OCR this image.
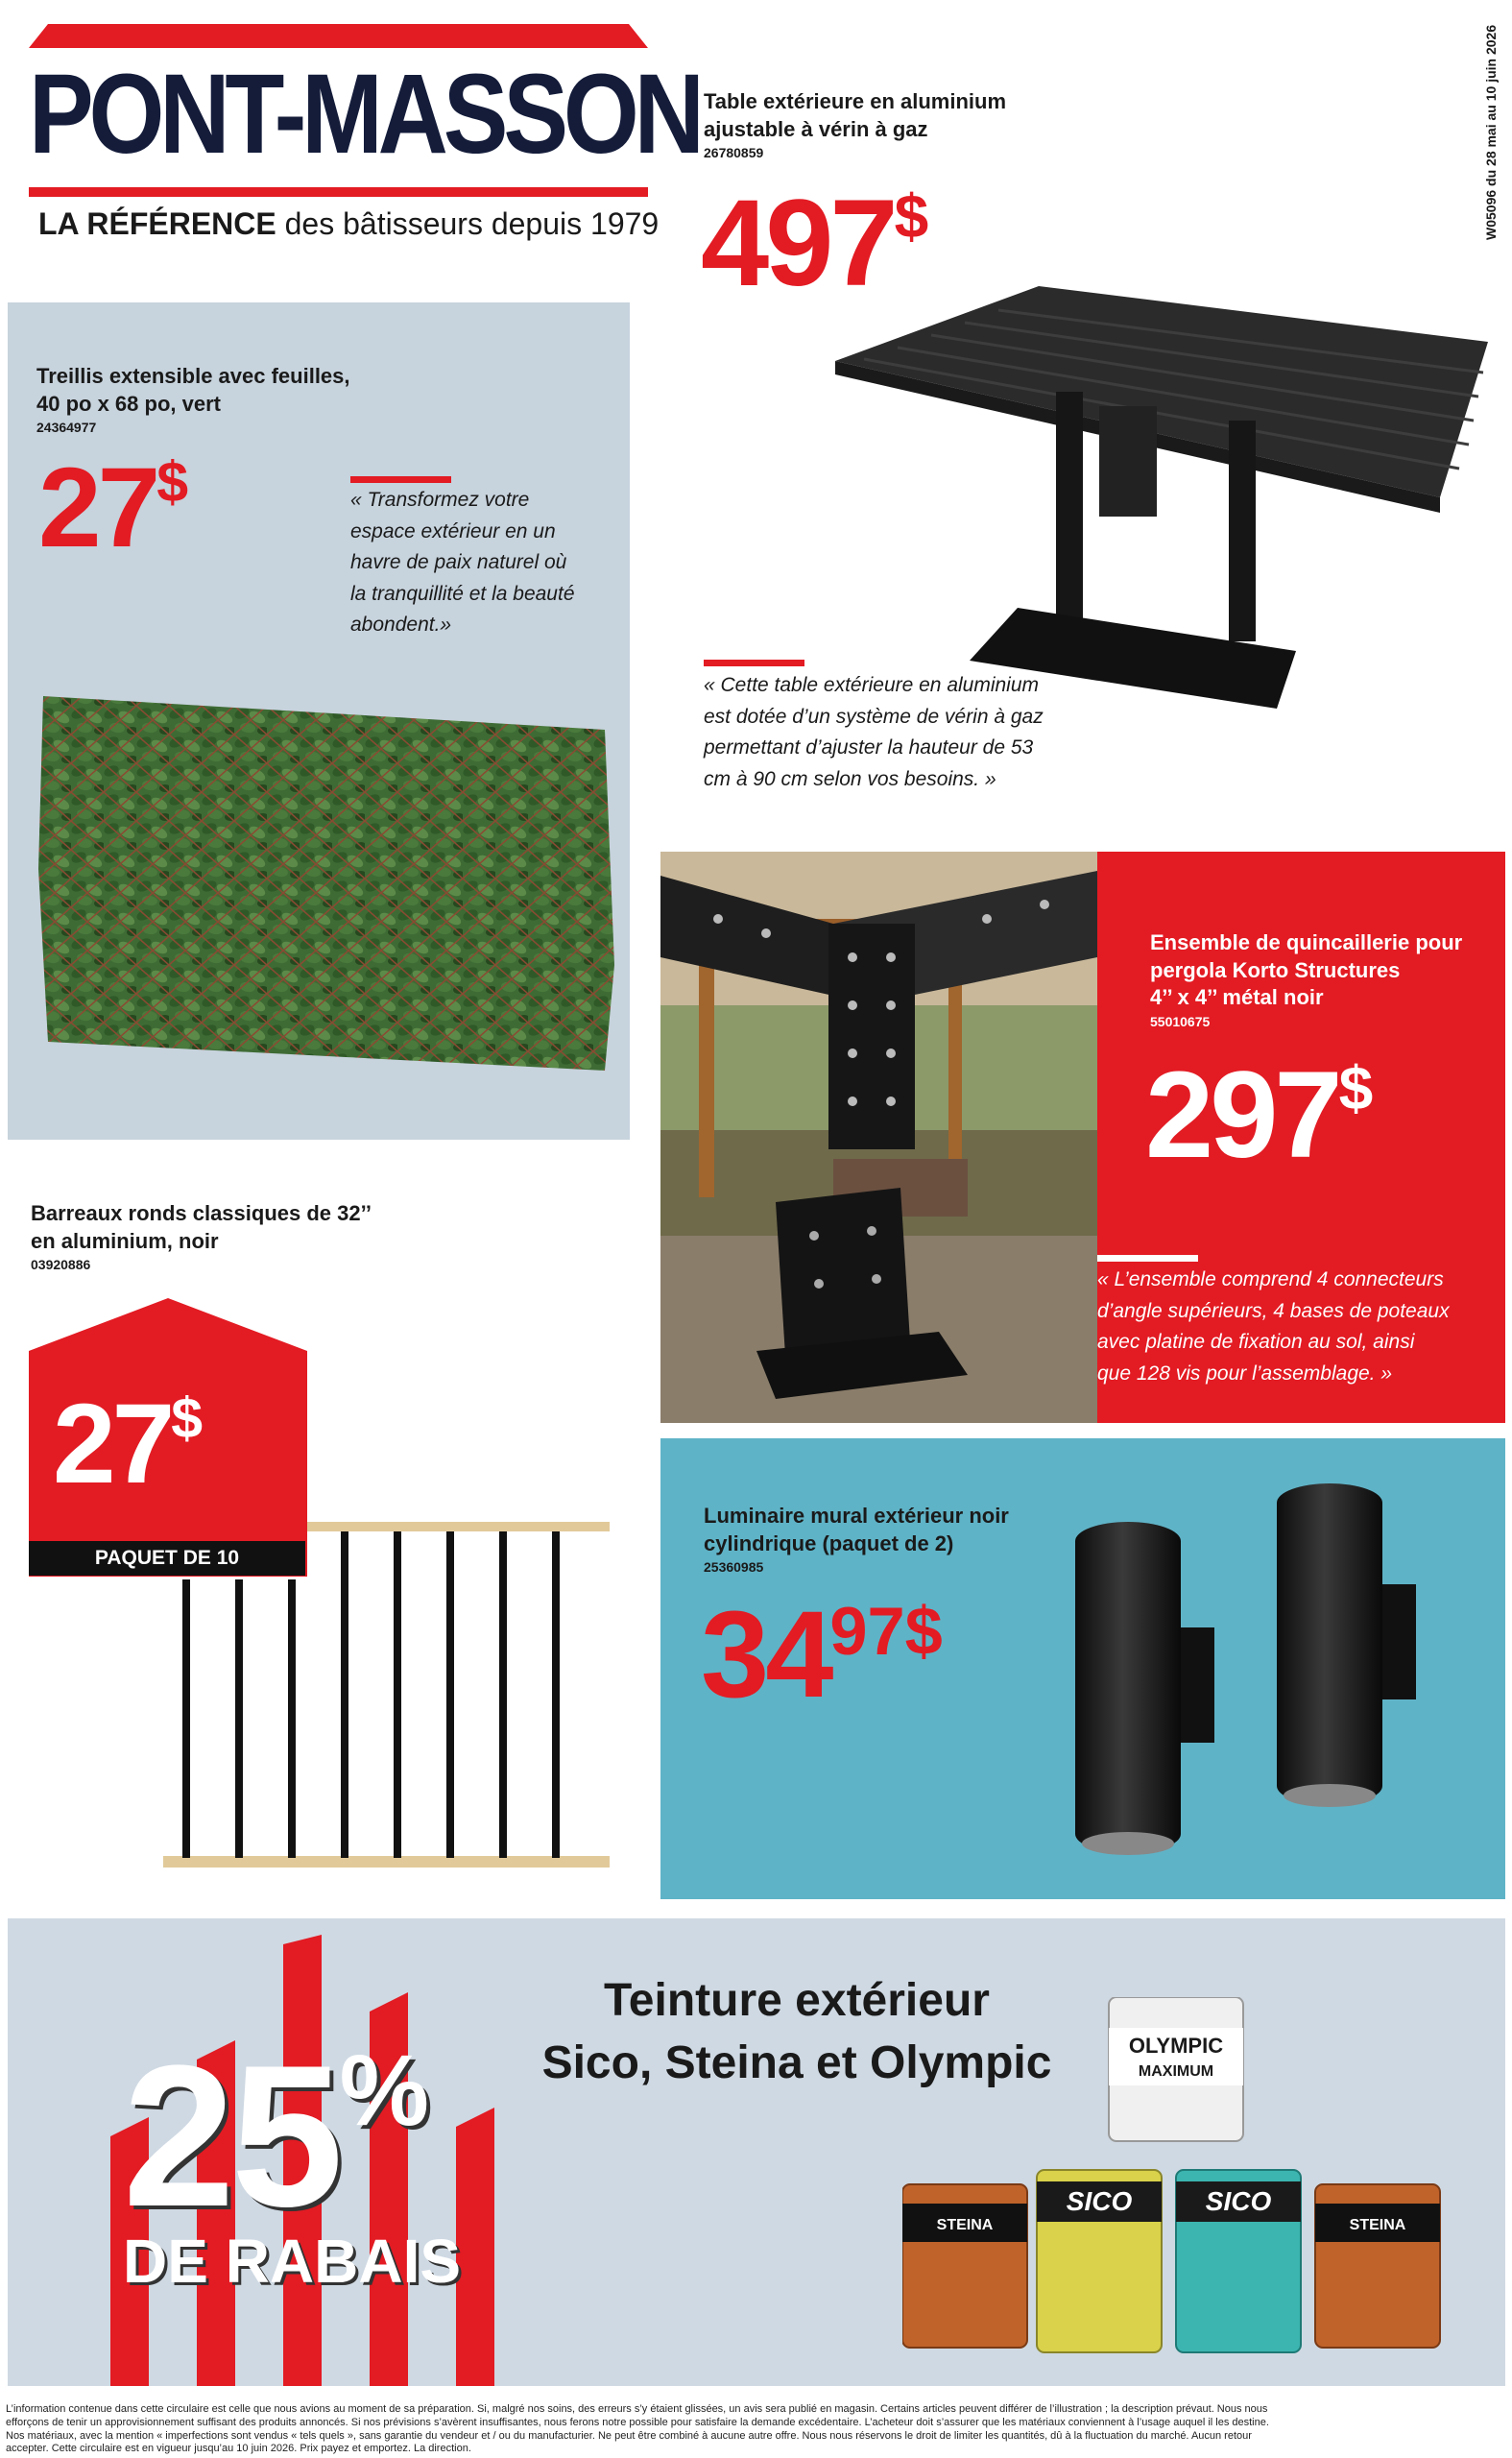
PONT-MASSON
LA RÉFÉRENCE des bâtisseurs depuis 1979	W05096 du 28 mai au 10 juin 2026
Table extérieure en aluminium
ajustable à vérin à gaz
26780859
497$
« Cette table extérieure en aluminium
est dotée d’un système de vérin à gaz
permettant d’ajuster la hauteur de 53
cm à 90 cm selon vos besoins. »
Treillis extensible avec feuilles,
40 po x 68 po, vert
24364977
27$	« Transformez votre
espace extérieur en un
havre de paix naturel où
la tranquillité et la beauté
abondent.»
Ensemble de quincaillerie pour
pergola Korto Structures
4’’ x 4’’ métal noir
55010675
297$
« L’ensemble comprend 4 connecteurs
d’angle supérieurs, 4 bases de poteaux
avec platine de fixation au sol, ainsi
que 128 vis pour l’assemblage. »
Barreaux ronds classiques de 32’’
en aluminium, noir
03920886
27$
PAQUET DE 10
Luminaire mural extérieur noir
cylindrique (paquet de 2)
25360985
$34^{97\$}$
25%
DE RABAIS
Teinture extérieur
Sico, Steina et Olympic	OLYMPIC
MAXIMUM
STEINA
SICO	SICO
STEINA
L’information contenue dans cette circulaire est celle que nous avions au moment de sa préparation. Si, malgré nos soins, des erreurs s’y étaient glissées, un avis sera publié en magasin. Certains articles peuvent différer de l’illustration ; la description prévaut. Nous nous
efforçons de tenir un approvisionnement suffisant des produits annoncés. Si nos prévisions s’avèrent insuffisantes, nous ferons notre possible pour satisfaire la demande excédentaire. L’acheteur doit s’assurer que les matériaux conviennent à l’usage auquel il les destine.
Nos matériaux, avec la mention « imperfections sont vendus « tels quels », sans garantie du vendeur et / ou du manufacturier. Ne peut être combiné à aucune autre offre. Nous nous réservons le droit de limiter les quantités, dû à la fluctuation du marché. Aucun retour
accepter. Cette circulaire est en vigueur jusqu’au 10 juin 2026. Prix payez et emportez. La direction.
